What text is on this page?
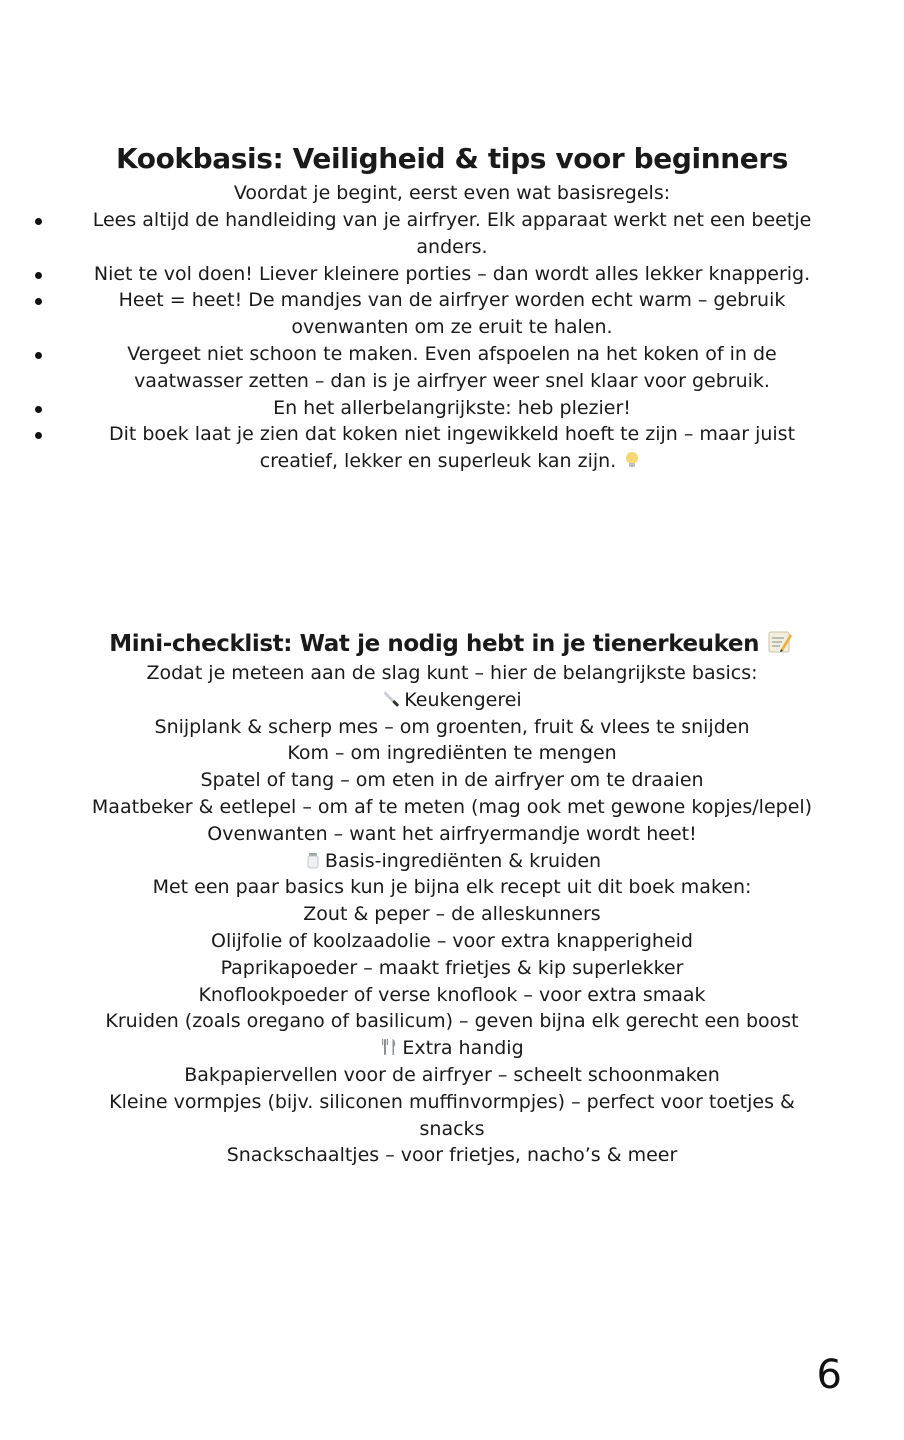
Kookbasis: Veiligheid & tips voor beginners

Voordat je begint, eerst even wat basisregels:

Lees altijd de handleiding van je airfryer. Elk apparaat werkt net een beetje anders.
Niet te vol doen! Liever kleinere porties – dan wordt alles lekker knapperig.
Heet = heet! De mandjes van de airfryer worden echt warm – gebruik ovenwanten om ze eruit te halen.
Vergeet niet schoon te maken. Even afspoelen na het koken of in de vaatwasser zetten – dan is je airfryer weer snel klaar voor gebruik.
En het allerbelangrijkste: heb plezier!
Dit boek laat je zien dat koken niet ingewikkeld hoeft te zijn – maar juist creatief, lekker en superleuk kan zijn.
Mini-checklist: Wat je nodig hebt in je tienerkeuken

Zodat je meteen aan de slag kunt – hier de belangrijkste basics:

Keukengerei

Snijplank & scherp mes – om groenten, fruit & vlees te snijden

Kom – om ingrediënten te mengen

Spatel of tang – om eten in de airfryer om te draaien

Maatbeker & eetlepel – om af te meten (mag ook met gewone kopjes/lepel)

Ovenwanten – want het airfryermandje wordt heet!

Basis-ingrediënten & kruiden

Met een paar basics kun je bijna elk recept uit dit boek maken:

Zout & peper – de alleskunners

Olijfolie of koolzaadolie – voor extra knapperigheid

Paprikapoeder – maakt frietjes & kip superlekker

Knoflookpoeder of verse knoflook – voor extra smaak

Kruiden (zoals oregano of basilicum) – geven bijna elk gerecht een boost

Extra handig

Bakpapiervellen voor de airfryer – scheelt schoonmaken

Kleine vormpjes (bijv. siliconen muffinvormpjes) – perfect voor toetjes & snacks

Snackschaaltjes – voor frietjes, nacho’s & meer

6
